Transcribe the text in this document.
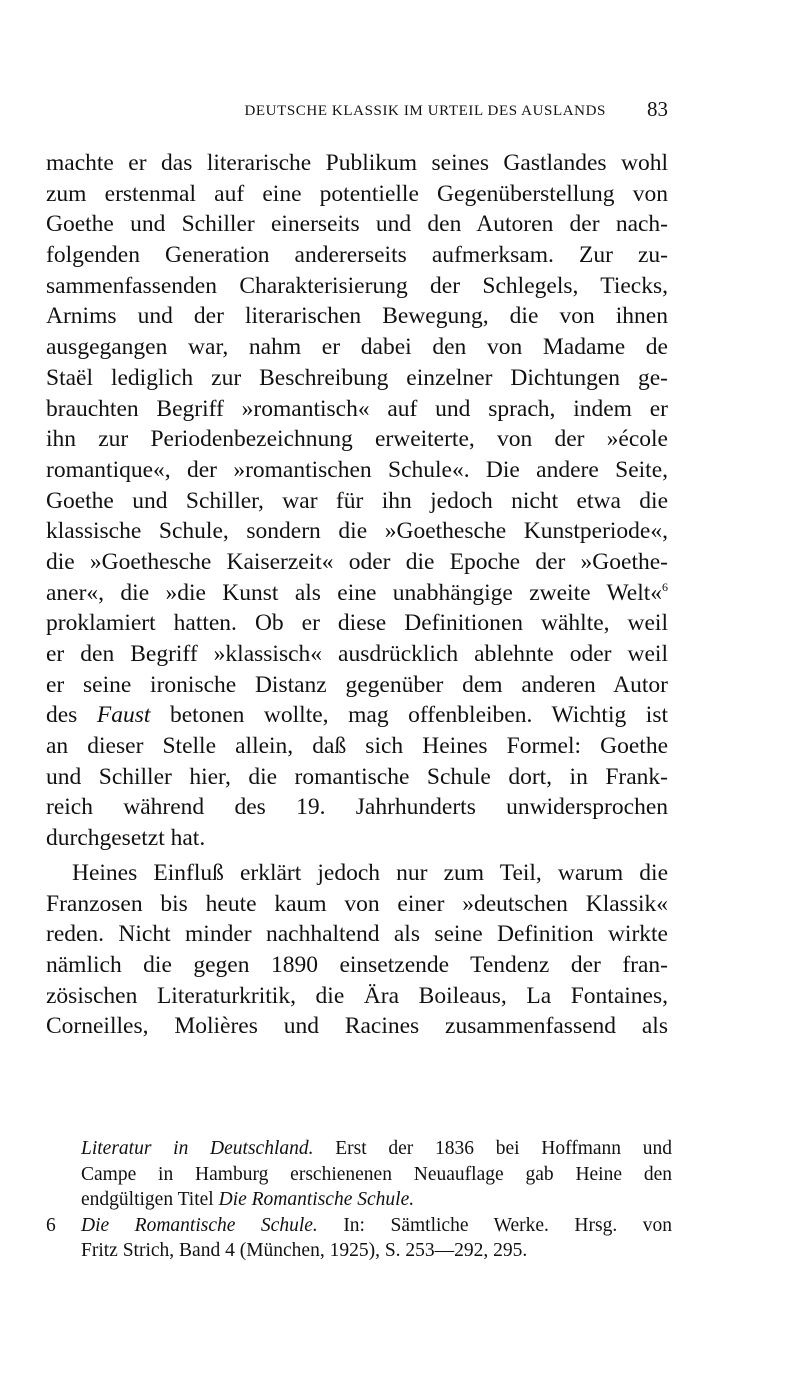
DEUTSCHE KLASSIK IM URTEIL DES AUSLANDS 83
machte er das literarische Publikum seines Gastlandes wohl
zum erstenmal auf eine potentielle Gegenüberstellung von
Goethe und Schiller einerseits und den Autoren der nach-
folgenden Generation andererseits aufmerksam. Zur zu-
sammenfassenden Charakterisierung der Schlegels, Tiecks,
Arnims und der literarischen Bewegung, die von ihnen
ausgegangen war, nahm er dabei den von Madame de
Staël lediglich zur Beschreibung einzelner Dichtungen ge-
brauchten Begriff »romantisch« auf und sprach, indem er
ihn zur Periodenbezeichnung erweiterte, von der »école
romantique«, der »romantischen Schule«. Die andere Seite,
Goethe und Schiller, war für ihn jedoch nicht etwa die
klassische Schule, sondern die »Goethesche Kunstperiode«,
die »Goethesche Kaiserzeit« oder die Epoche der »Goethe-
aner«, die »die Kunst als eine unabhängige zweite Welt«$^6$
proklamiert hatten. Ob er diese Definitionen wählte, weil
er den Begriff »klassisch« ausdrücklich ablehnte oder weil
er seine ironische Distanz gegenüber dem anderen Autor
des Faust betonen wollte, mag offenbleiben. Wichtig ist
an dieser Stelle allein, daß sich Heines Formel: Goethe
und Schiller hier, die romantische Schule dort, in Frank-
reich während des 19. Jahrhunderts unwidersprochen
durchgesetzt hat.
Heines Einfluß erklärt jedoch nur zum Teil, warum die
Franzosen bis heute kaum von einer »deutschen Klassik«
reden. Nicht minder nachhaltend als seine Definition wirkte
nämlich die gegen 1890 einsetzende Tendenz der fran-
zösischen Literaturkritik, die Ära Boileaus, La Fontaines,
Corneilles, Molières und Racines zusammenfassend als
Literatur in Deutschland. Erst der 1836 bei Hoffmann und
Campe in Hamburg erschienenen Neuauflage gab Heine den
endgültigen Titel Die Romantische Schule.
6 Die Romantische Schule. In: Sämtliche Werke. Hrsg. von
Fritz Strich, Band 4 (München, 1925), S. 253—292, 295.
